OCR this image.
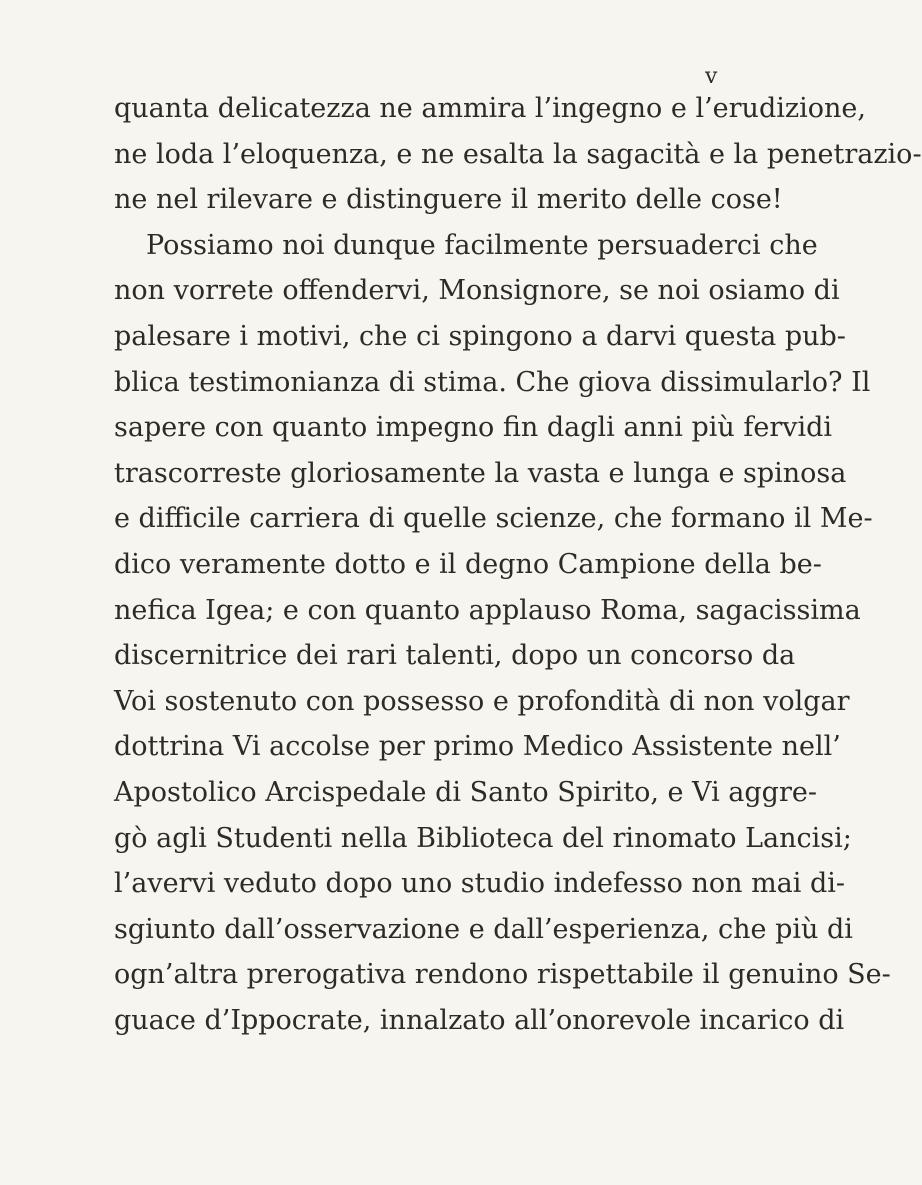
v
quanta delicatezza ne ammira l’ingegno e l’erudizione,
ne loda l’eloquenza, e ne esalta la sagacità e la penetrazio-
ne nel rilevare e distinguere il merito delle cose!
Possiamo noi dunque facilmente persuaderci che
non vorrete offendervi, Monsignore, se noi osiamo di
palesare i motivi, che ci spingono a darvi questa pub-
blica testimonianza di stima. Che giova dissimularlo? Il
sapere con quanto impegno fin dagli anni più fervidi
trascorreste gloriosamente la vasta e lunga e spinosa
e difficile carriera di quelle scienze, che formano il Me-
dico veramente dotto e il degno Campione della be-
nefica Igea; e con quanto applauso Roma, sagacissima
discernitrice dei rari talenti, dopo un concorso da
Voi sostenuto con possesso e profondità di non volgar
dottrina Vi accolse per primo Medico Assistente nell’
Apostolico Arcispedale di Santo Spirito, e Vi aggre-
gò agli Studenti nella Biblioteca del rinomato Lancisi;
l’avervi veduto dopo uno studio indefesso non mai di-
sgiunto dall’osservazione e dall’esperienza, che più di
ogn’altra prerogativa rendono rispettabile il genuino Se-
guace d’Ippocrate, innalzato all’onorevole incarico di
